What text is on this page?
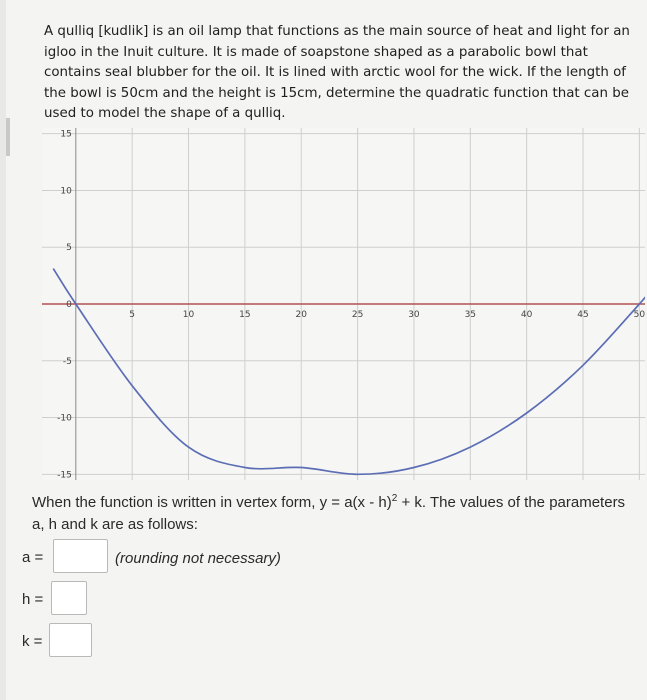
A qulliq [kudlik] is an oil lamp that functions as the main source of heat and light for an igloo in the Inuit culture. It is made of soapstone shaped as a parabolic bowl that contains seal blubber for the oil. It is lined with arctic wool for the wick. If the length of the bowl is 50cm and the height is 15cm, determine the quadratic function that can be used to model the shape of a qulliq.
5	10	15	20	25	30	35	40	45	50
15
10
5
0
-5
-10
-15
When the function is written in vertex form, y = a(x - h)$^2$ + k. The values of the parameters
a, h and k are as follows:
a =	(rounding not necessary)
h =
k =
